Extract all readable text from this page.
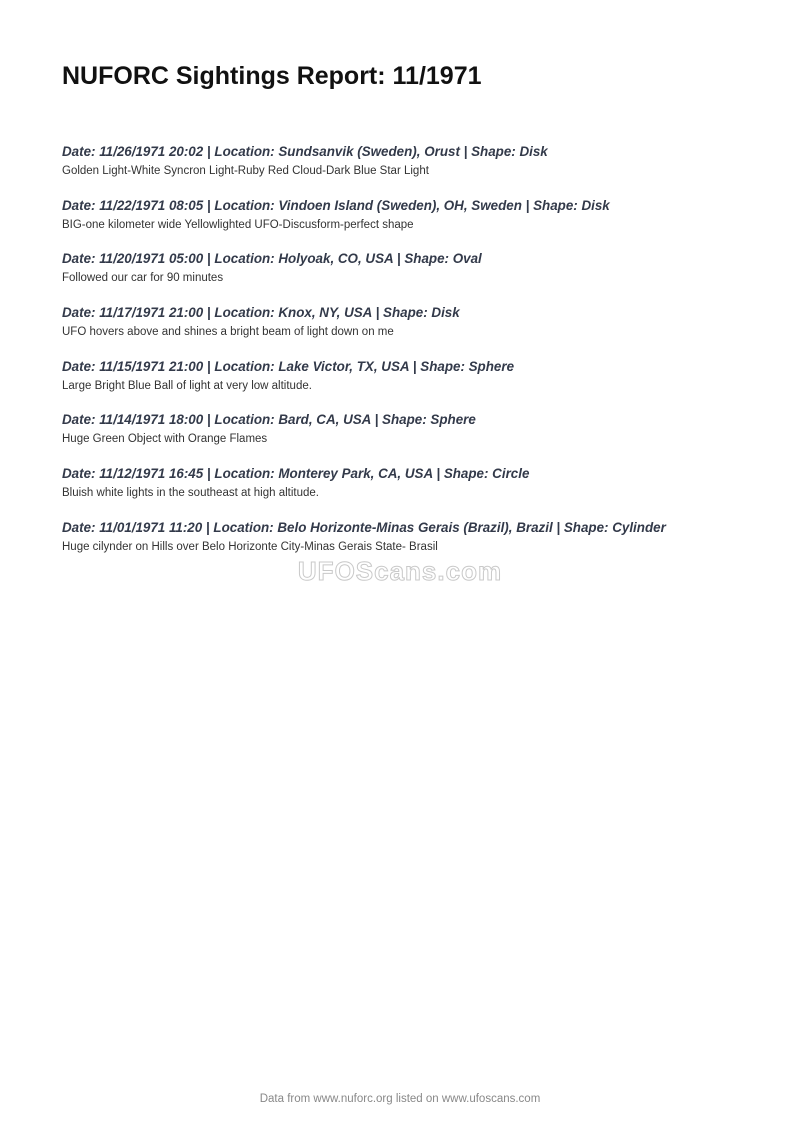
NUFORC Sightings Report: 11/1971
Date: 11/26/1971 20:02 | Location: Sundsanvik (Sweden), Orust | Shape: Disk
Golden Light-White Syncron Light-Ruby Red Cloud-Dark Blue Star Light
Date: 11/22/1971 08:05 | Location: Vindoen Island (Sweden), OH, Sweden | Shape: Disk
BIG-one kilometer wide Yellowlighted UFO-Discusform-perfect shape
Date: 11/20/1971 05:00 | Location: Holyoak, CO, USA | Shape: Oval
Followed our car for 90 minutes
Date: 11/17/1971 21:00 | Location: Knox, NY, USA | Shape: Disk
UFO hovers above and shines a bright beam of light down on me
Date: 11/15/1971 21:00 | Location: Lake Victor, TX, USA | Shape: Sphere
Large Bright Blue Ball of light at very low altitude.
Date: 11/14/1971 18:00 | Location: Bard, CA, USA | Shape: Sphere
Huge Green Object with Orange Flames
Date: 11/12/1971 16:45 | Location: Monterey Park, CA, USA | Shape: Circle
Bluish white lights in the southeast at high altitude.
Date: 11/01/1971 11:20 | Location: Belo Horizonte-Minas Gerais (Brazil), Brazil | Shape: Cylinder
Huge cilynder on Hills over Belo Horizonte City-Minas Gerais State- Brasil
UFOScans.com
Data from www.nuforc.org listed on www.ufoscans.com
